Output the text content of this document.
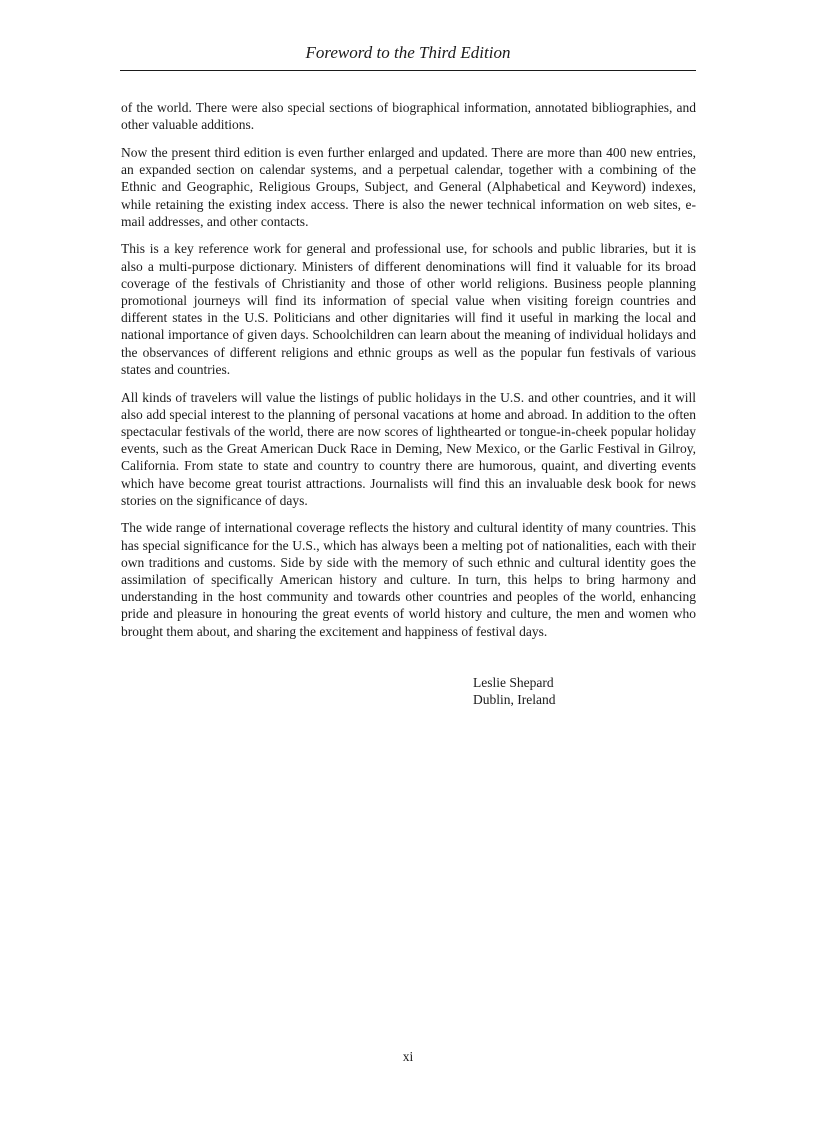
Foreword to the Third Edition

of the world. There were also special sections of biographical information, annotated bibliographies, and other valuable additions.

Now the present third edition is even further enlarged and updated. There are more than 400 new entries, an expanded section on calendar systems, and a perpetual calendar, together with a combining of the Ethnic and Geographic, Religious Groups, Subject, and General (Alphabetical and Keyword) indexes, while retaining the existing index access. There is also the newer technical information on web sites, e-mail addresses, and other contacts.

This is a key reference work for general and professional use, for schools and public libraries, but it is also a multi-purpose dictionary. Ministers of different denominations will find it valuable for its broad coverage of the festivals of Christianity and those of other world religions. Business people planning promotional journeys will find its information of special value when visiting foreign countries and different states in the U.S. Politicians and other dignitaries will find it useful in marking the local and national importance of given days. Schoolchildren can learn about the meaning of individual holidays and the observances of different religions and ethnic groups as well as the popular fun festivals of various states and countries.

All kinds of travelers will value the listings of public holidays in the U.S. and other countries, and it will also add special interest to the planning of personal vacations at home and abroad. In addition to the often spectacular festivals of the world, there are now scores of lighthearted or tongue-in-cheek popular holiday events, such as the Great American Duck Race in Deming, New Mexico, or the Garlic Festival in Gilroy, California. From state to state and country to country there are humorous, quaint, and diverting events which have become great tourist attractions. Journalists will find this an invaluable desk book for news stories on the significance of days.

The wide range of international coverage reflects the history and cultural identity of many countries. This has special significance for the U.S., which has always been a melting pot of nationalities, each with their own traditions and customs. Side by side with the memory of such ethnic and cultural identity goes the assimilation of specifically American history and culture. In turn, this helps to bring harmony and understanding in the host community and towards other countries and peoples of the world, enhancing pride and pleasure in honouring the great events of world history and culture, the men and women who brought them about, and sharing the excitement and happiness of festival days.

Leslie Shepard
Dublin, Ireland
xi
